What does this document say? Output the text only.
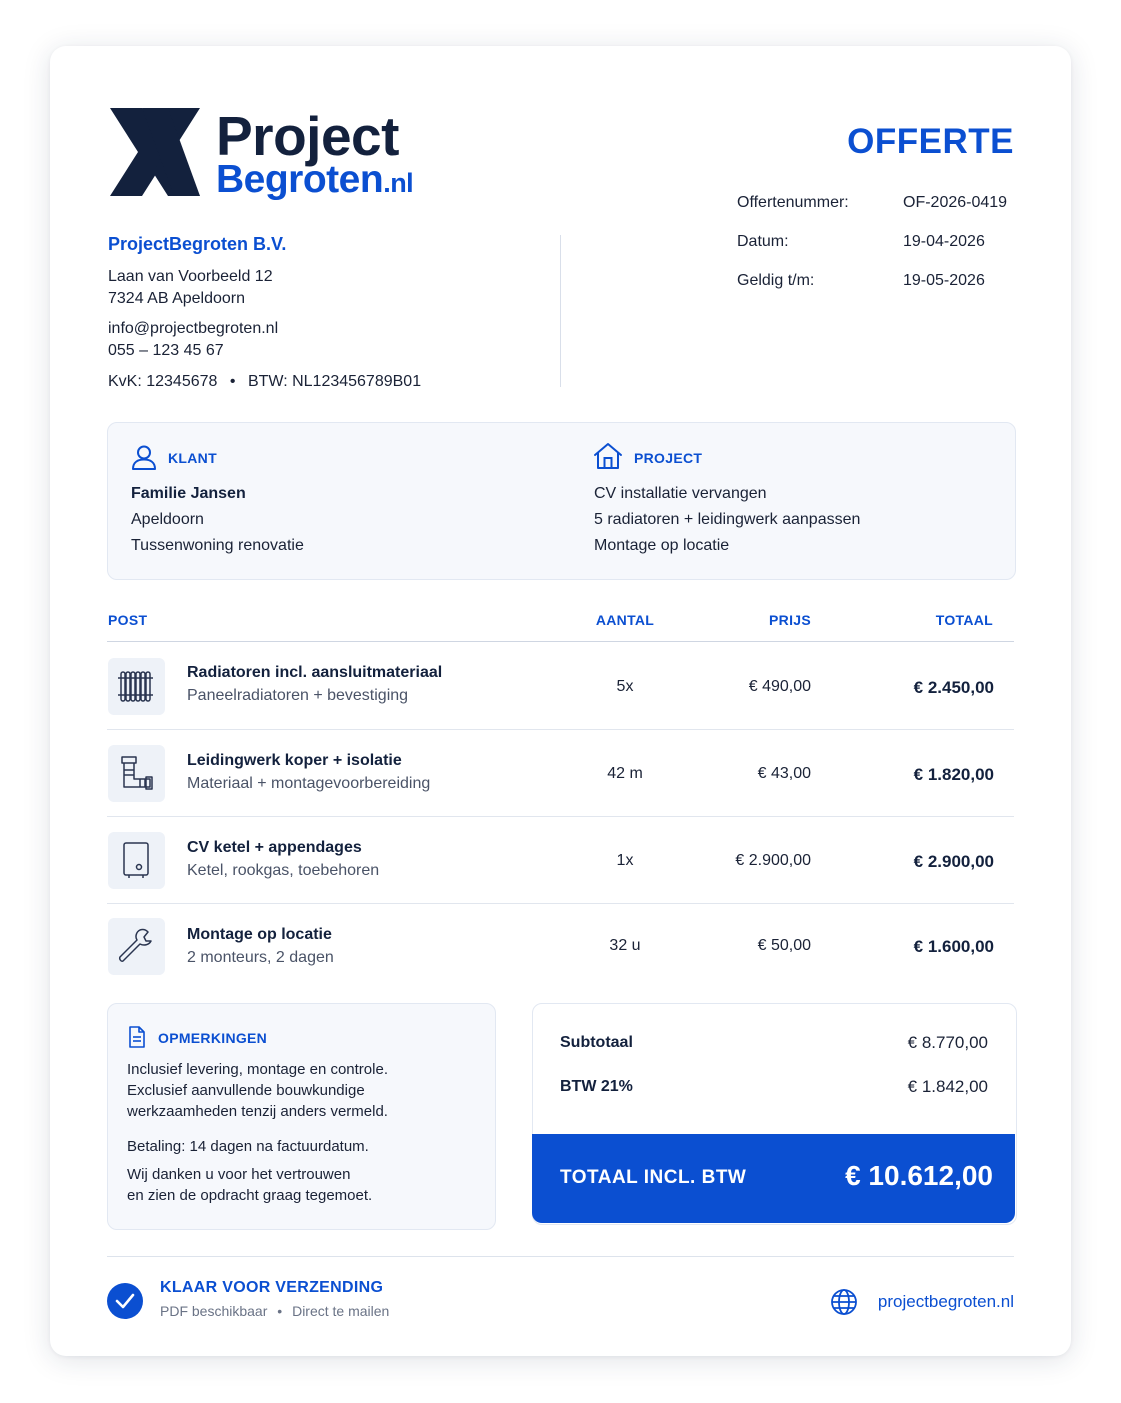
Project
Begroten.nl
OFFERTE
Offertenummer:	OF-2026-0419
Datum:	19-04-2026
Geldig t/m:	19-05-2026
ProjectBegroten B.V.
Laan van Voorbeeld 12
7324 AB Apeldoorn
info@projectbegroten.nl
055 – 123 45 67
KvK: 12345678 • BTW: NL123456789B01
KLANT
Familie Jansen
Apeldoorn
Tussenwoning renovatie
PROJECT
CV installatie vervangen
5 radiatoren + leidingwerk aanpassen
Montage op locatie
POST	AANTAL	PRIJS	TOTAAL
Radiatoren incl. aansluitmateriaal
Paneelradiatoren + bevestiging
5x	€ 490,00	€ 2.450,00
Leidingwerk koper + isolatie
Materiaal + montagevoorbereiding
42 m	€ 43,00	€ 1.820,00
CV ketel + appendages
Ketel, rookgas, toebehoren
1x	€ 2.900,00	€ 2.900,00
Montage op locatie
2 monteurs, 2 dagen
32 u	€ 50,00	€ 1.600,00
OPMERKINGEN
Inclusief levering, montage en controle.
Exclusief aanvullende bouwkundige
werkzaamheden tenzij anders vermeld.
Betaling: 14 dagen na factuurdatum.
Wij danken u voor het vertrouwen
en zien de opdracht graag tegemoet.
Subtotaal	€ 8.770,00
BTW 21%	€ 1.842,00
TOTAAL INCL. BTW	€ 10.612,00
KLAAR VOOR VERZENDING
PDF beschikbaar • Direct te mailen	projectbegroten.nl
